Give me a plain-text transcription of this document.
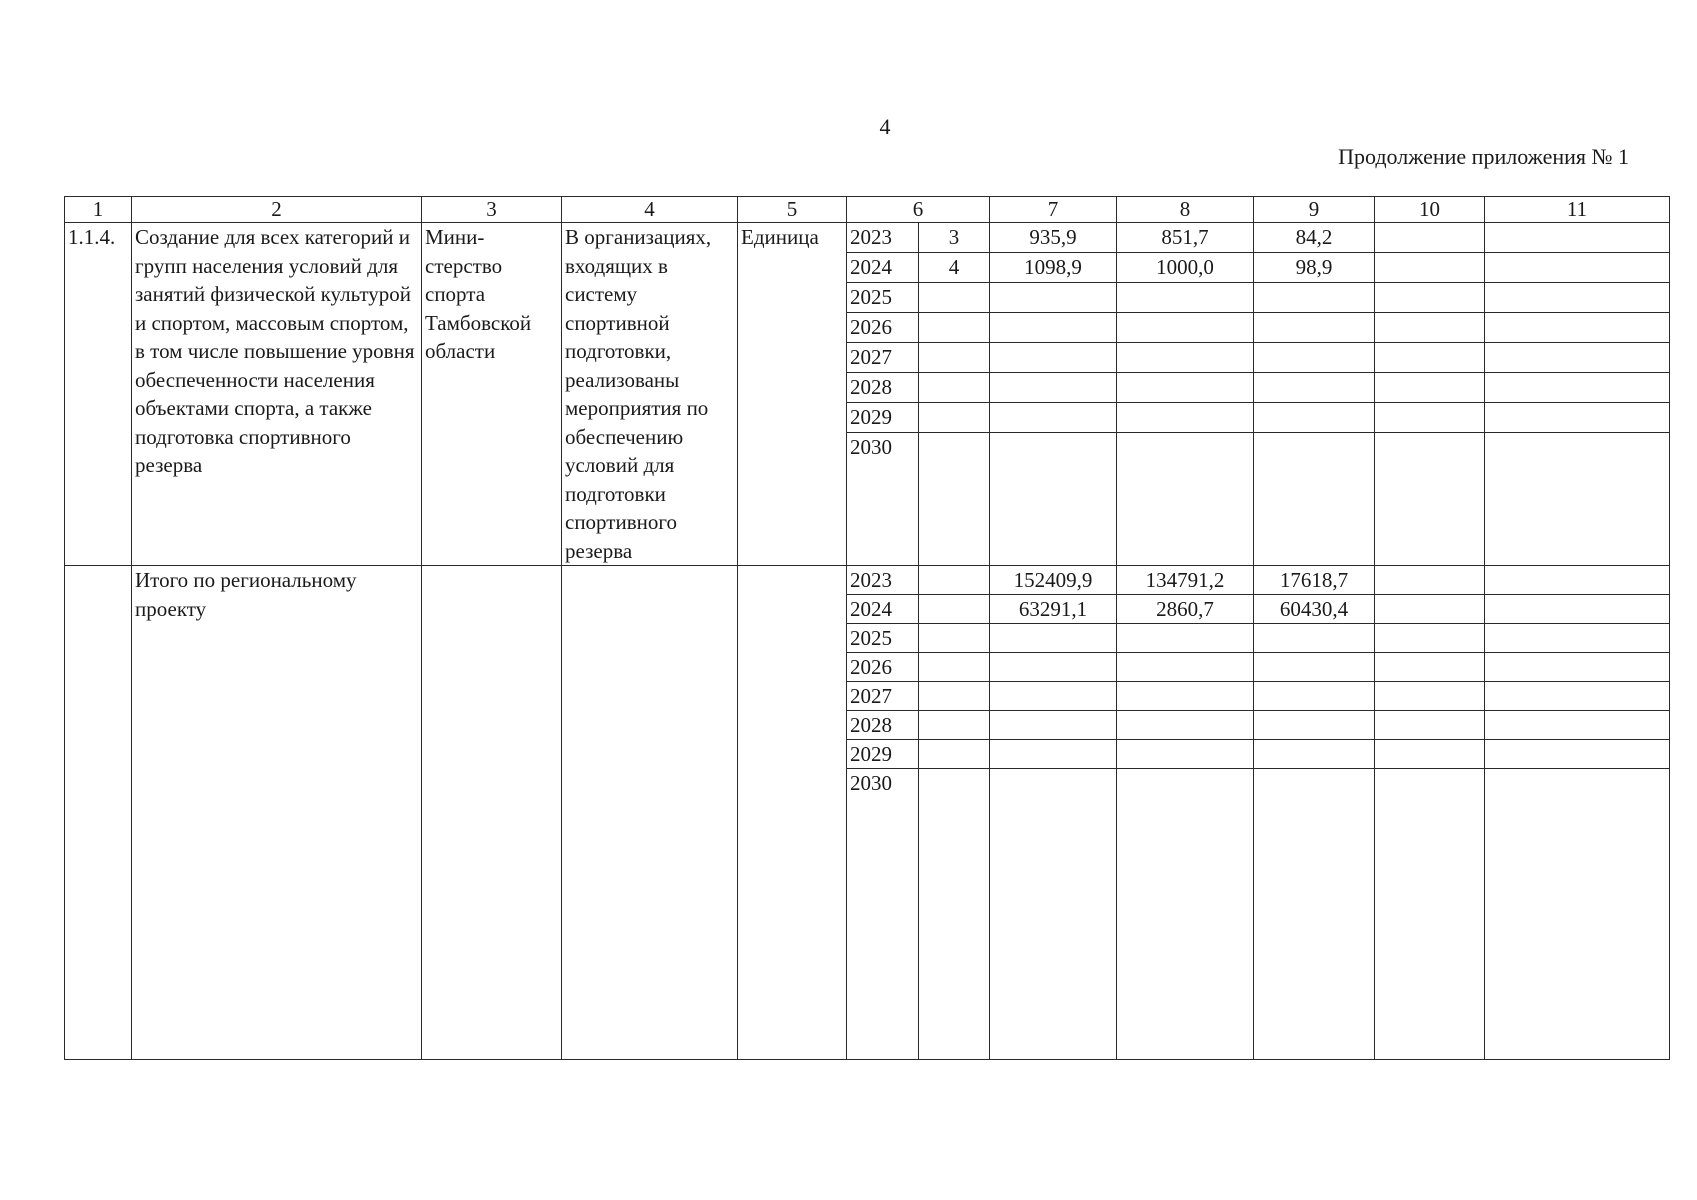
4
Продолжение приложения № 1
1	2	3	4	5	6		7	8	9	10	11
1.1.4.	Создание для всех категорий и групп населения условий для занятий физической культурой и спортом, массовым спортом, в том числе повышение уровня обеспеченности населения объектами спорта, а также подготовка спортивного резерва	Мини-стерство спорта Тамбовской области	В организациях, входящих в систему спортивной подготовки, реализованы мероприятия по обеспечению условий для подготовки спортивного резерва	Единица	2023	3	935,9	851,7	84,2		
					2024	4	1098,9	1000,0	98,9		
					2025						
					2026						
					2027						
					2028						
					2029						
					2030						
	Итого по региональному проекту				2023		152409,9	134791,2	17618,7		
					2024		63291,1	2860,7	60430,4		
					2025						
					2026						
					2027						
					2028						
					2029						
					2030						
